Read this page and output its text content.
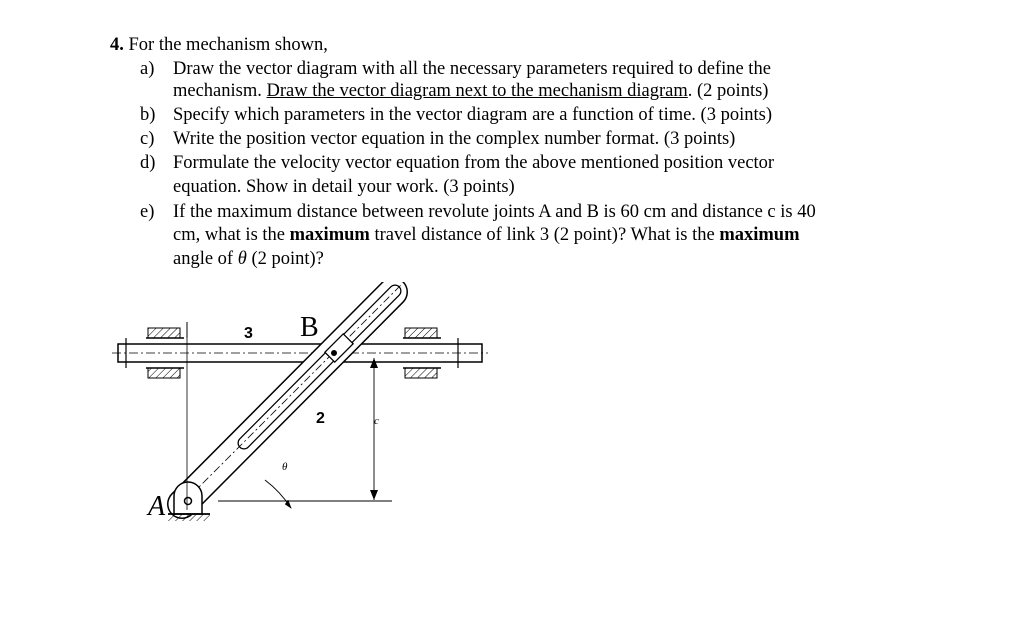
4. For the mechanism shown,
a) Draw the vector diagram with all the necessary parameters required to define the
mechanism. Draw the vector diagram next to the mechanism diagram. (2 points)
b) Specify which parameters in the vector diagram are a function of time. (3 points)
c) Write the position vector equation in the complex number format. (3 points)
d) Formulate the velocity vector equation from the above mentioned position vector
equation. Show in detail your work. (3 points)
e) If the maximum distance between revolute joints A and B is 60 cm and distance c is 40
cm, what is the maximum travel distance of link 3 (2 point)? What is the maximum
angle of θ (2 point)?
3 B
2	c
θ
A
